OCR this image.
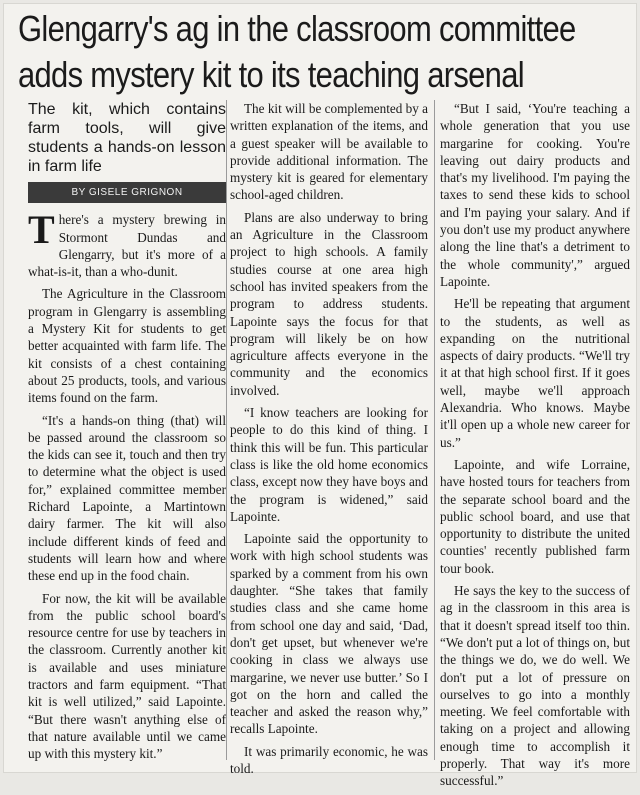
Glengarry's ag in the classroom committee
adds mystery kit to its teaching arsenal
The kit, which contains farm tools, will give students a hands-on lesson in farm life
BY GISELE GRIGNON

There's a mystery brewing in Stormont Dundas and Glengarry, but it's more of a what-is-it, than a who-dunit.

The Agriculture in the Classroom program in Glengarry is assembling a Mystery Kit for students to get better acquainted with farm life. The kit consists of a chest containing about 25 products, tools, and various items found on the farm.

“It's a hands-on thing (that) will be passed around the classroom so the kids can see it, touch and then try to determine what the object is used for,” explained committee member Richard Lapointe, a Martintown dairy farmer. The kit will also include different kinds of feed and students will learn how and where these end up in the food chain.

For now, the kit will be available from the public school board's resource centre for use by teachers in the classroom. Currently another kit is available and uses miniature tractors and farm equipment. “That kit is well utilized,” said Lapointe. “But there wasn't anything else of that nature available until we came up with this mystery kit.”

The kit will be complemented by a written explanation of the items, and a guest speaker will be available to provide additional information. The mystery kit is geared for elementary school-aged children.

Plans are also underway to bring an Agriculture in the Classroom project to high schools. A family studies course at one area high school has invited speakers from the program to address students. Lapointe says the focus for that program will likely be on how agriculture affects everyone in the community and the economics involved.

“I know teachers are looking for people to do this kind of thing. I think this will be fun. This particular class is like the old home economics class, except now they have boys and the program is widened,” said Lapointe.

Lapointe said the opportunity to work with high school students was sparked by a comment from his own daughter. “She takes that family studies class and she came home from school one day and said, ‘Dad, don't get upset, but whenever we're cooking in class we always use margarine, we never use butter.’ So I got on the horn and called the teacher and asked the reason why,” recalls Lapointe.

It was primarily economic, he was told.

“But I said, ‘You're teaching a whole generation that you use margarine for cooking. You're leaving out dairy products and that's my livelihood. I'm paying the taxes to send these kids to school and I'm paying your salary. And if you don't use my product anywhere along the line that's a detriment to the whole community',” argued Lapointe.

He'll be repeating that argument to the students, as well as expanding on the nutritional aspects of dairy products. “We'll try it at that high school first. If it goes well, maybe we'll approach Alexandria. Who knows. Maybe it'll open up a whole new career for us.”

Lapointe, and wife Lorraine, have hosted tours for teachers from the separate school board and the public school board, and use that opportunity to distribute the united counties' recently published farm tour book.

He says the key to the success of ag in the classroom in this area is that it doesn't spread itself too thin. “We don't put a lot of things on, but the things we do, we do well. We don't put a lot of pressure on ourselves to go into a monthly meeting. We feel comfortable with taking on a project and allowing enough time to accomplish it properly. That way it's more successful.”
